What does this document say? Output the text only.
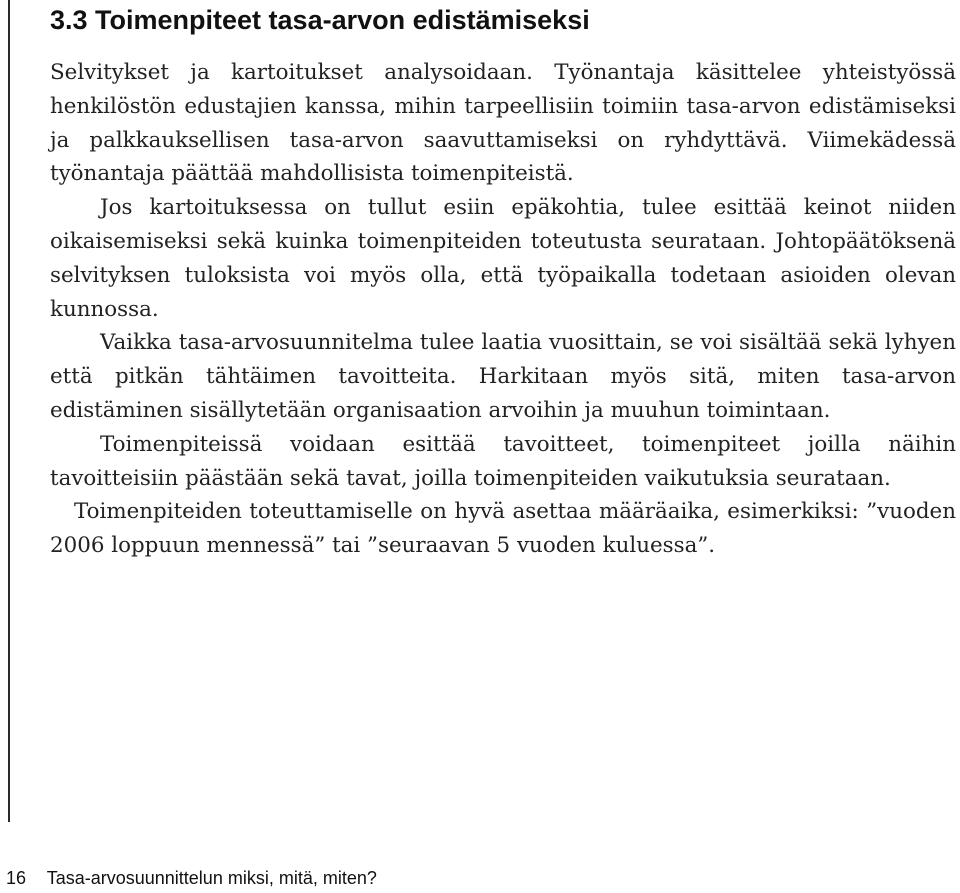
3.3 Toimenpiteet tasa-arvon edistämiseksi

Selvitykset ja kartoitukset analysoidaan. Työnantaja käsittelee yhteistyössä henkilöstön edustajien kanssa, mihin tarpeellisiin toimiin tasa-arvon edistämiseksi ja palkkauksellisen tasa-arvon saavuttamiseksi on ryhdyttävä. Viimekädessä työnantaja päättää mahdollisista toimenpiteistä.

Jos kartoituksessa on tullut esiin epäkohtia, tulee esittää keinot niiden oikaisemiseksi sekä kuinka toimenpiteiden toteutusta seurataan. Johtopäätöksenä selvityksen tuloksista voi myös olla, että työpaikalla todetaan asioiden olevan kunnossa.

Vaikka tasa-arvosuunnitelma tulee laatia vuosittain, se voi sisältää sekä lyhyen että pitkän tähtäimen tavoitteita. Harkitaan myös sitä, miten tasa-arvon edistäminen sisällytetään organisaation arvoihin ja muuhun toimintaan.

Toimenpiteissä voidaan esittää tavoitteet, toimenpiteet joilla näihin tavoitteisiin päästään sekä tavat, joilla toimenpiteiden vaikutuksia seurataan.

Toimenpiteiden toteuttamiselle on hyvä asettaa määräaika, esimerkiksi: ”vuoden 2006 loppuun mennessä” tai ”seuraavan 5 vuoden kuluessa”.

16 Tasa-arvosuunnittelun miksi, mitä, miten?
